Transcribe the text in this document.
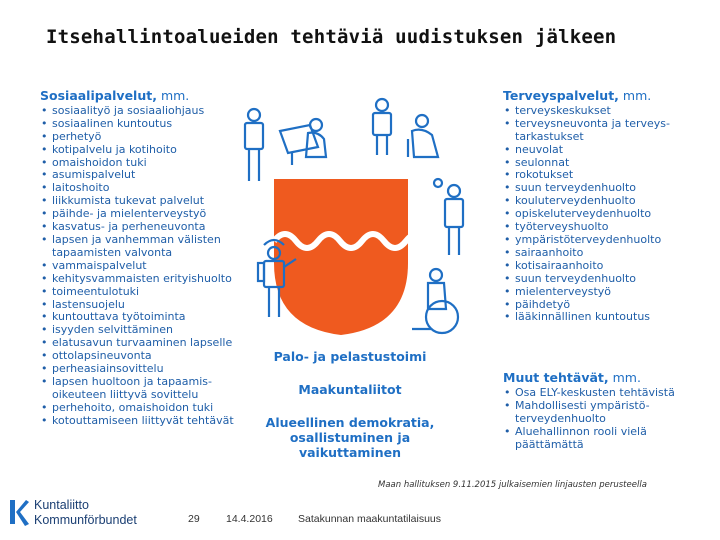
Itsehallintoalueiden tehtäviä uudistuksen jälkeen
Sosiaalipalvelut, mm.
• sosiaalityö ja sosiaaliohjaus
• sosiaalinen kuntoutus
• perhetyö
• kotipalvelu ja kotihoito
• omaishoidon tuki
• asumispalvelut
• laitoshoito
• liikkumista tukevat palvelut
• päihde- ja mielenterveystyö
• kasvatus- ja perheneuvonta
• lapsen ja vanhemman välisten tapaamisten valvonta
• vammaispalvelut
• kehitysvammaisten erityishuolto
• toimeentulotuki
• lastensuojelu
• kuntouttava työtoiminta
• isyyden selvittäminen
• elatusavun turvaaminen lapselle
• ottolapsineuvonta
• perheasiainsovittelu
• lapsen huoltoon ja tapaamis- oikeuteen liittyvä sovittelu
• perhehoito, omaishoidon tuki
• kotouttamiseen liittyvät tehtävät
Terveyspalvelut, mm.
• terveyskeskukset
• terveysneuvonta ja terveys- tarkastukset
• neuvolat
• seulonnat
• rokotukset
• suun terveydenhuolto
• kouluterveydenhuolto
• opiskeluterveydenhuolto
• työterveyshuolto
• ympäristöterveydenhuolto
• sairaanhoito
• kotisairaanhoito
• suun terveydenhuolto
• mielenterveystyö
• päihdetyö
• lääkinnällinen kuntoutus
Muut tehtävät, mm.
• Osa ELY-keskusten tehtävistä
• Mahdollisesti ympäristö- terveydenhuolto
• Aluehallinnon rooli vielä päättämättä
Palo- ja pelastustoimi
Maakuntaliitot
Alueellinen demokratia, osallistuminen ja vaikuttaminen
Maan hallituksen 9.11.2015 julkaisemien linjausten perusteella
Kuntaliitto
Kommunförbundet	29	14.4.2016 Satakunnan maakuntatilaisuus
